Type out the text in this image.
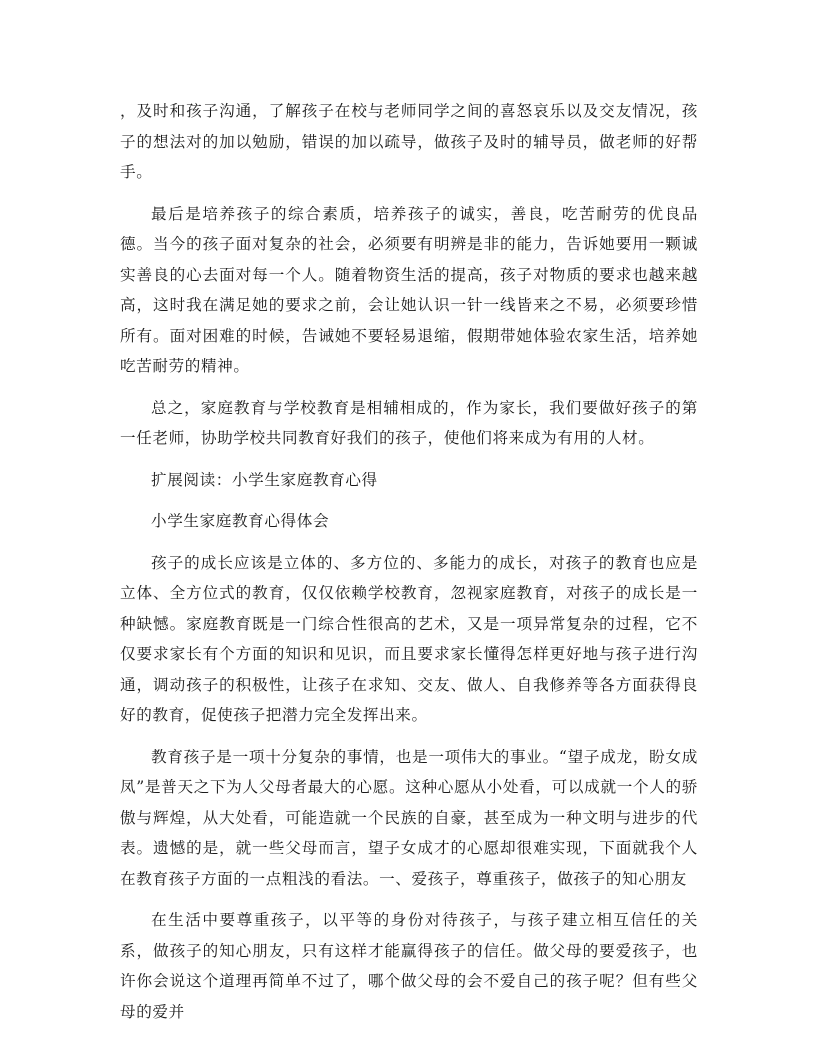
，及时和孩子沟通，了解孩子在校与老师同学之间的喜怒哀乐以及交友情况，孩子的想法对的加以勉励，错误的加以疏导，做孩子及时的辅导员，做老师的好帮手。

最后是培养孩子的综合素质，培养孩子的诚实，善良，吃苦耐劳的优良品德。当今的孩子面对复杂的社会，必须要有明辨是非的能力，告诉她要用一颗诚实善良的心去面对每一个人。随着物资生活的提高，孩子对物质的要求也越来越高，这时我在满足她的要求之前，会让她认识一针一线皆来之不易，必须要珍惜所有。面对困难的时候，告诫她不要轻易退缩，假期带她体验农家生活，培养她吃苦耐劳的精神。

总之，家庭教育与学校教育是相辅相成的，作为家长，我们要做好孩子的第一任老师，协助学校共同教育好我们的孩子，使他们将来成为有用的人材。

扩展阅读：小学生家庭教育心得

小学生家庭教育心得体会

孩子的成长应该是立体的、多方位的、多能力的成长，对孩子的教育也应是立体、全方位式的教育，仅仅依赖学校教育，忽视家庭教育，对孩子的成长是一种缺憾。家庭教育既是一门综合性很高的艺术，又是一项异常复杂的过程，它不仅要求家长有个方面的知识和见识，而且要求家长懂得怎样更好地与孩子进行沟通，调动孩子的积极性，让孩子在求知、交友、做人、自我修养等各方面获得良好的教育，促使孩子把潜力完全发挥出来。

教育孩子是一项十分复杂的事情，也是一项伟大的事业。“望子成龙，盼女成凤”是普天之下为人父母者最大的心愿。这种心愿从小处看，可以成就一个人的骄傲与辉煌，从大处看，可能造就一个民族的自豪，甚至成为一种文明与进步的代表。遗憾的是，就一些父母而言，望子女成才的心愿却很难实现，下面就我个人在教育孩子方面的一点粗浅的看法。一、爱孩子，尊重孩子，做孩子的知心朋友

在生活中要尊重孩子，以平等的身份对待孩子，与孩子建立相互信任的关系，做孩子的知心朋友，只有这样才能赢得孩子的信任。做父母的要爱孩子，也许你会说这个道理再简单不过了，哪个做父母的会不爱自己的孩子呢？但有些父母的爱并
